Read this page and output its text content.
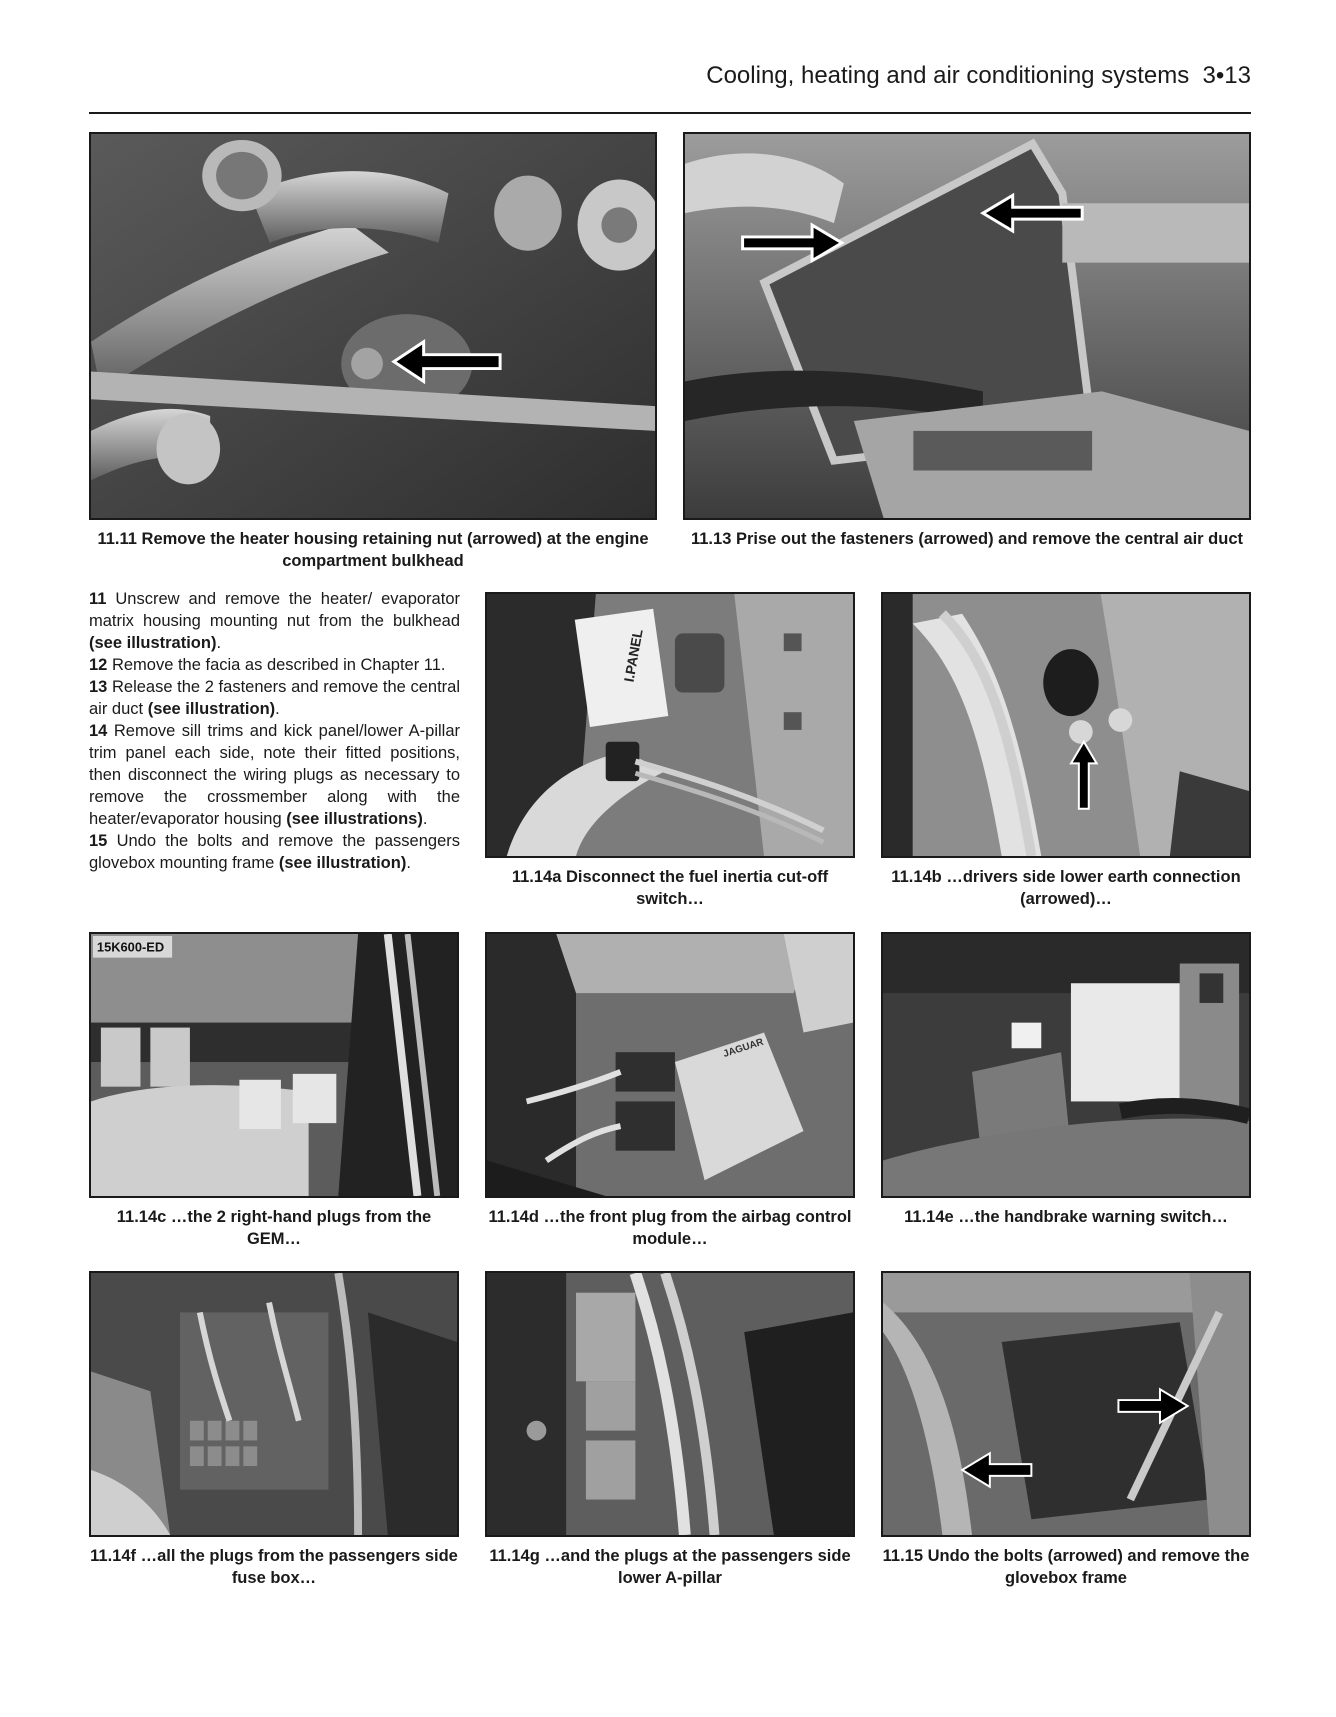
Cooling, heating and air conditioning systems 3•13
11.11 Remove the heater housing retaining nut (arrowed) at the engine compartment bulkhead
11.13 Prise out the fasteners (arrowed) and remove the central air duct

11 Unscrew and remove the heater/ evaporator matrix housing mounting nut from the bulkhead (see illustration).

12 Remove the facia as described in Chapter 11.

13 Release the 2 fasteners and remove the central air duct (see illustration).

14 Remove sill trims and kick panel/lower A-pillar trim panel each side, note their fitted positions, then disconnect the wiring plugs as necessary to remove the crossmember along with the heater/evaporator housing (see illustrations).

15 Undo the bolts and remove the passengers glovebox mounting frame (see illustration).

I.PANEL
11.14a Disconnect the fuel inertia cut-off switch…
11.14b …drivers side lower earth connection (arrowed)…
15K600-ED
11.14c …the 2 right-hand plugs from the GEM…
JAGUAR
11.14d …the front plug from the airbag control module…
11.14e …the handbrake warning switch…
11.14f …all the plugs from the passengers side fuse box…
11.14g …and the plugs at the passengers side lower A-pillar
11.15 Undo the bolts (arrowed) and remove the glovebox frame
